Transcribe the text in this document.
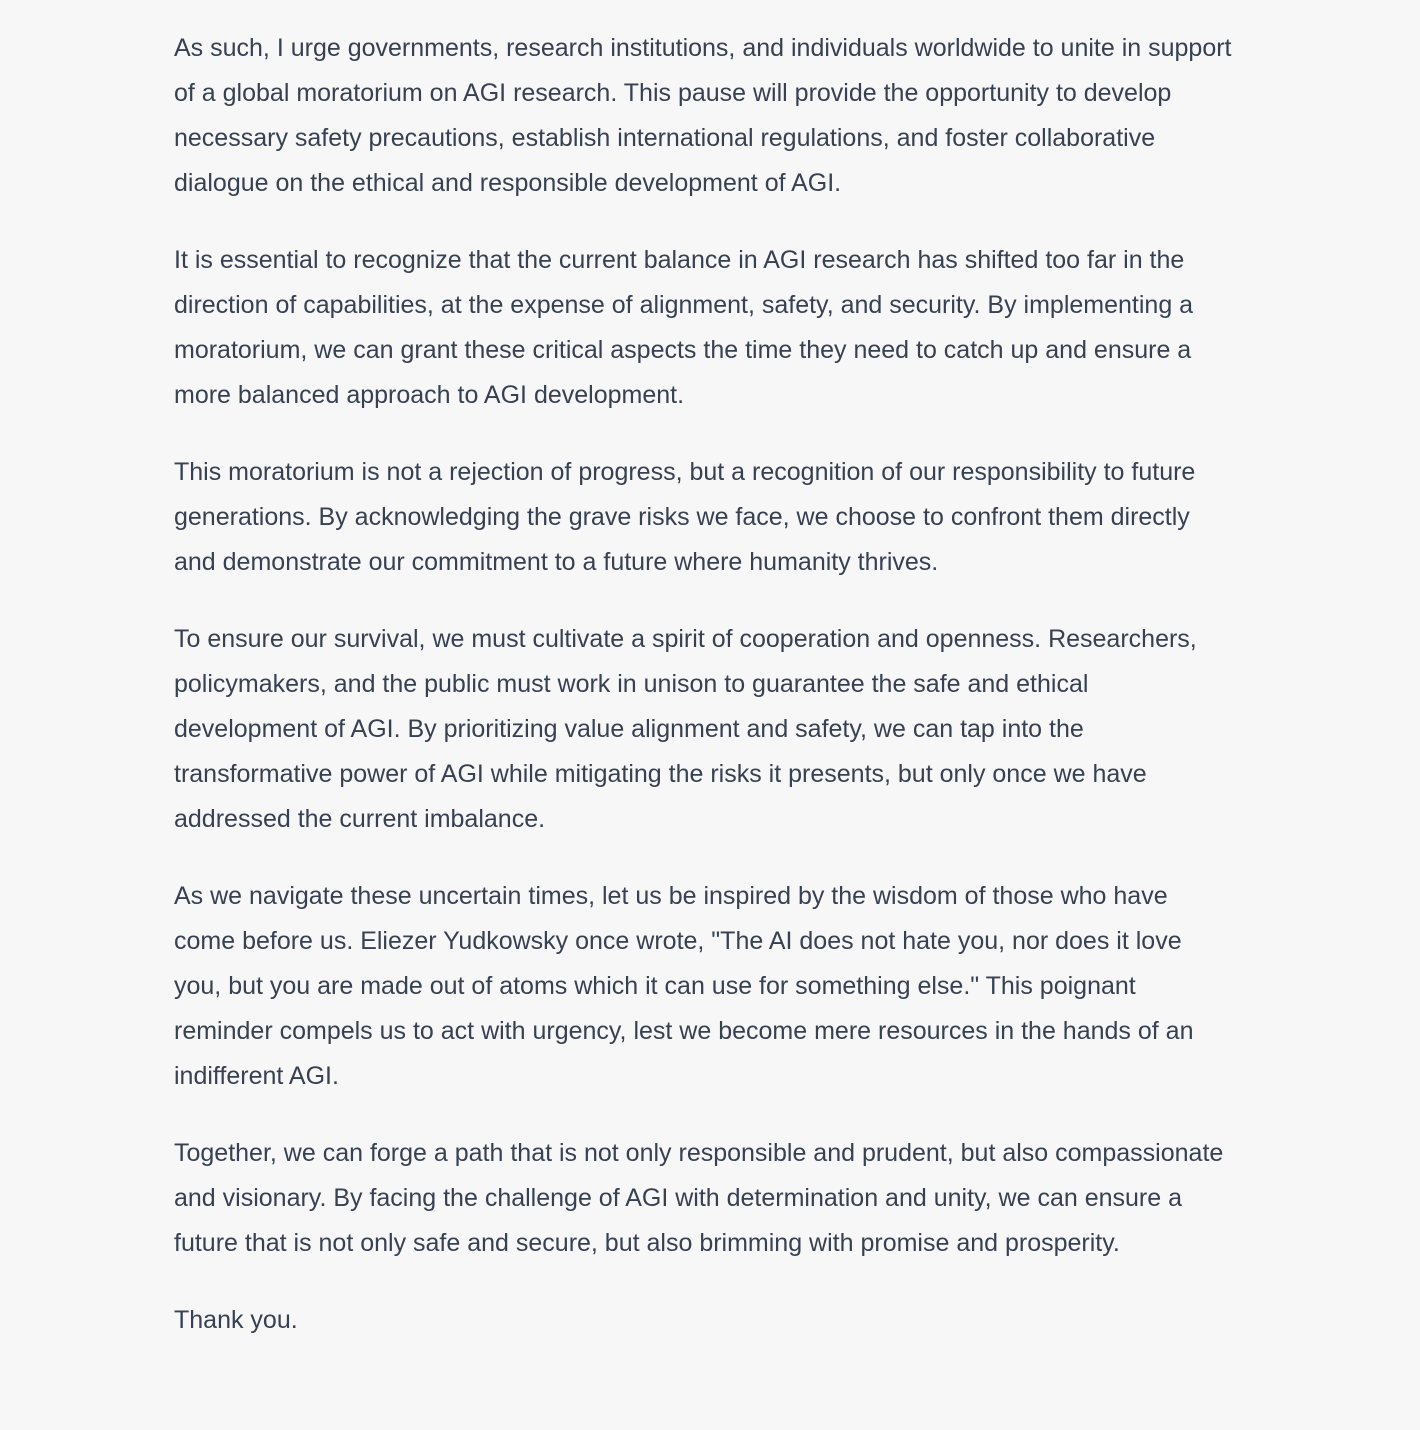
As such, I urge governments, research institutions, and individuals worldwide to unite in support of a global moratorium on AGI research. This pause will provide the opportunity to develop necessary safety precautions, establish international regulations, and foster collaborative dialogue on the ethical and responsible development of AGI.

It is essential to recognize that the current balance in AGI research has shifted too far in the direction of capabilities, at the expense of alignment, safety, and security. By implementing a moratorium, we can grant these critical aspects the time they need to catch up and ensure a more balanced approach to AGI development.

This moratorium is not a rejection of progress, but a recognition of our responsibility to future generations. By acknowledging the grave risks we face, we choose to confront them directly and demonstrate our commitment to a future where humanity thrives.

To ensure our survival, we must cultivate a spirit of cooperation and openness. Researchers, policymakers, and the public must work in unison to guarantee the safe and ethical development of AGI. By prioritizing value alignment and safety, we can tap into the transformative power of AGI while mitigating the risks it presents, but only once we have addressed the current imbalance.

As we navigate these uncertain times, let us be inspired by the wisdom of those who have come before us. Eliezer Yudkowsky once wrote, "The AI does not hate you, nor does it love you, but you are made out of atoms which it can use for something else." This poignant reminder compels us to act with urgency, lest we become mere resources in the hands of an indifferent AGI.

Together, we can forge a path that is not only responsible and prudent, but also compassionate and visionary. By facing the challenge of AGI with determination and unity, we can ensure a future that is not only safe and secure, but also brimming with promise and prosperity.

Thank you.
